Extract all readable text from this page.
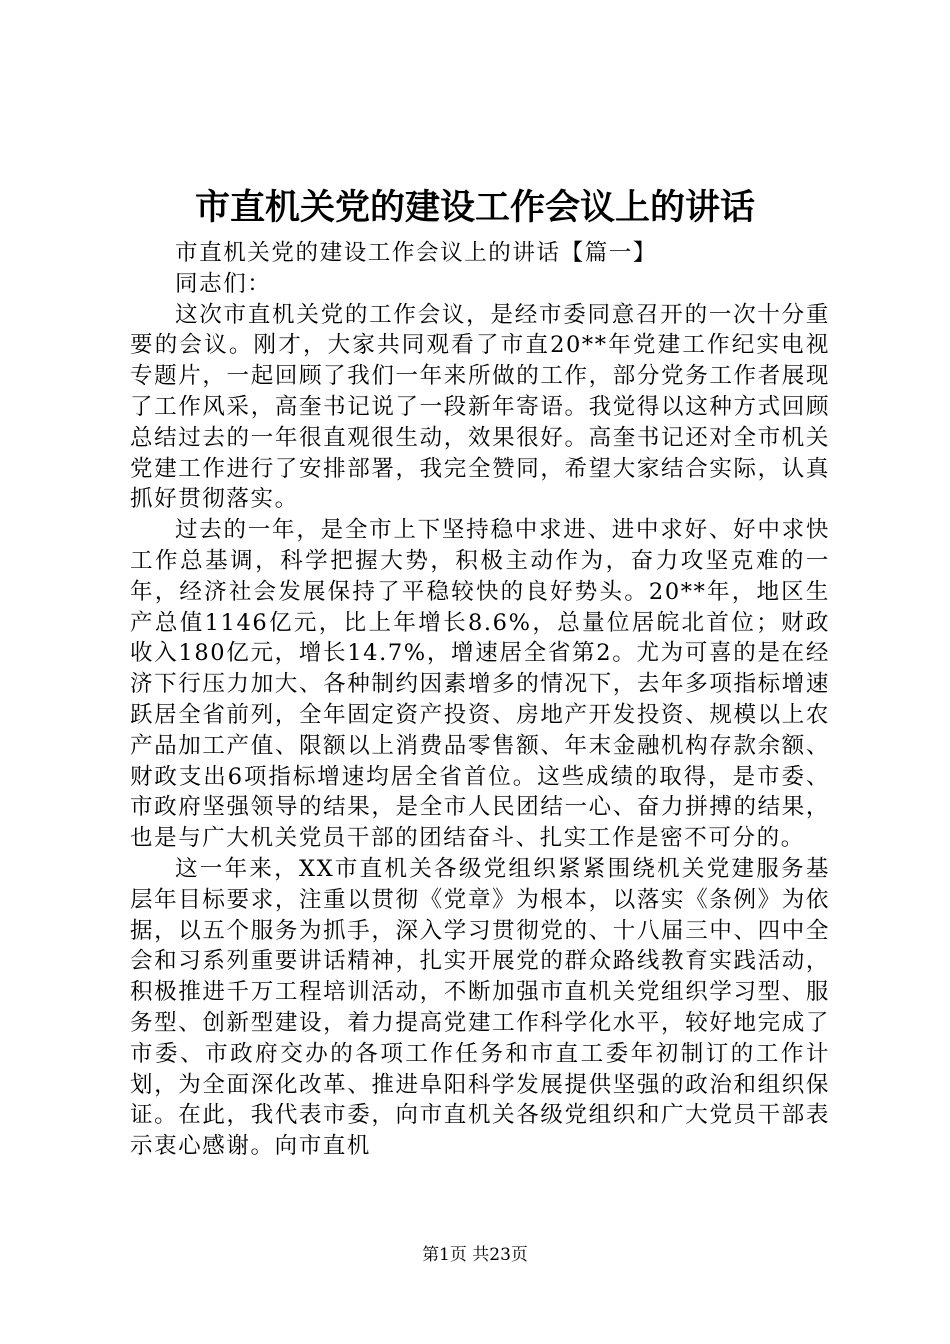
市直机关党的建设工作会议上的讲话

市直机关党的建设工作会议上的讲话【篇一】

同志们：

这次市直机关党的工作会议，是经市委同意召开的一次十分重要的会议。刚才，大家共同观看了市直20**年党建工作纪实电视专题片，一起回顾了我们一年来所做的工作，部分党务工作者展现了工作风采，高奎书记说了一段新年寄语。我觉得以这种方式回顾总结过去的一年很直观很生动，效果很好。高奎书记还对全市机关党建工作进行了安排部署，我完全赞同，希望大家结合实际，认真抓好贯彻落实。

过去的一年，是全市上下坚持稳中求进、进中求好、好中求快工作总基调，科学把握大势，积极主动作为，奋力攻坚克难的一年，经济社会发展保持了平稳较快的良好势头。20**年，地区生产总值1146亿元，比上年增长8.6%，总量位居皖北首位；财政收入180亿元，增长14.7%，增速居全省第2。尤为可喜的是在经济下行压力加大、各种制约因素增多的情况下，去年多项指标增速跃居全省前列，全年固定资产投资、房地产开发投资、规模以上农产品加工产值、限额以上消费品零售额、年末金融机构存款余额、财政支出6项指标增速均居全省首位。这些成绩的取得，是市委、市政府坚强领导的结果，是全市人民团结一心、奋力拼搏的结果，也是与广大机关党员干部的团结奋斗、扎实工作是密不可分的。

这一年来，XX市直机关各级党组织紧紧围绕机关党建服务基层年目标要求，注重以贯彻《党章》为根本，以落实《条例》为依据，以五个服务为抓手，深入学习贯彻党的、十八届三中、四中全会和习系列重要讲话精神，扎实开展党的群众路线教育实践活动，积极推进千万工程培训活动，不断加强市直机关党组织学习型、服务型、创新型建设，着力提高党建工作科学化水平，较好地完成了市委、市政府交办的各项工作任务和市直工委年初制订的工作计划，为全面深化改革、推进阜阳科学发展提供坚强的政治和组织保证。在此，我代表市委，向市直机关各级党组织和广大党员干部表示衷心感谢。向市直机

第1页 共23页
